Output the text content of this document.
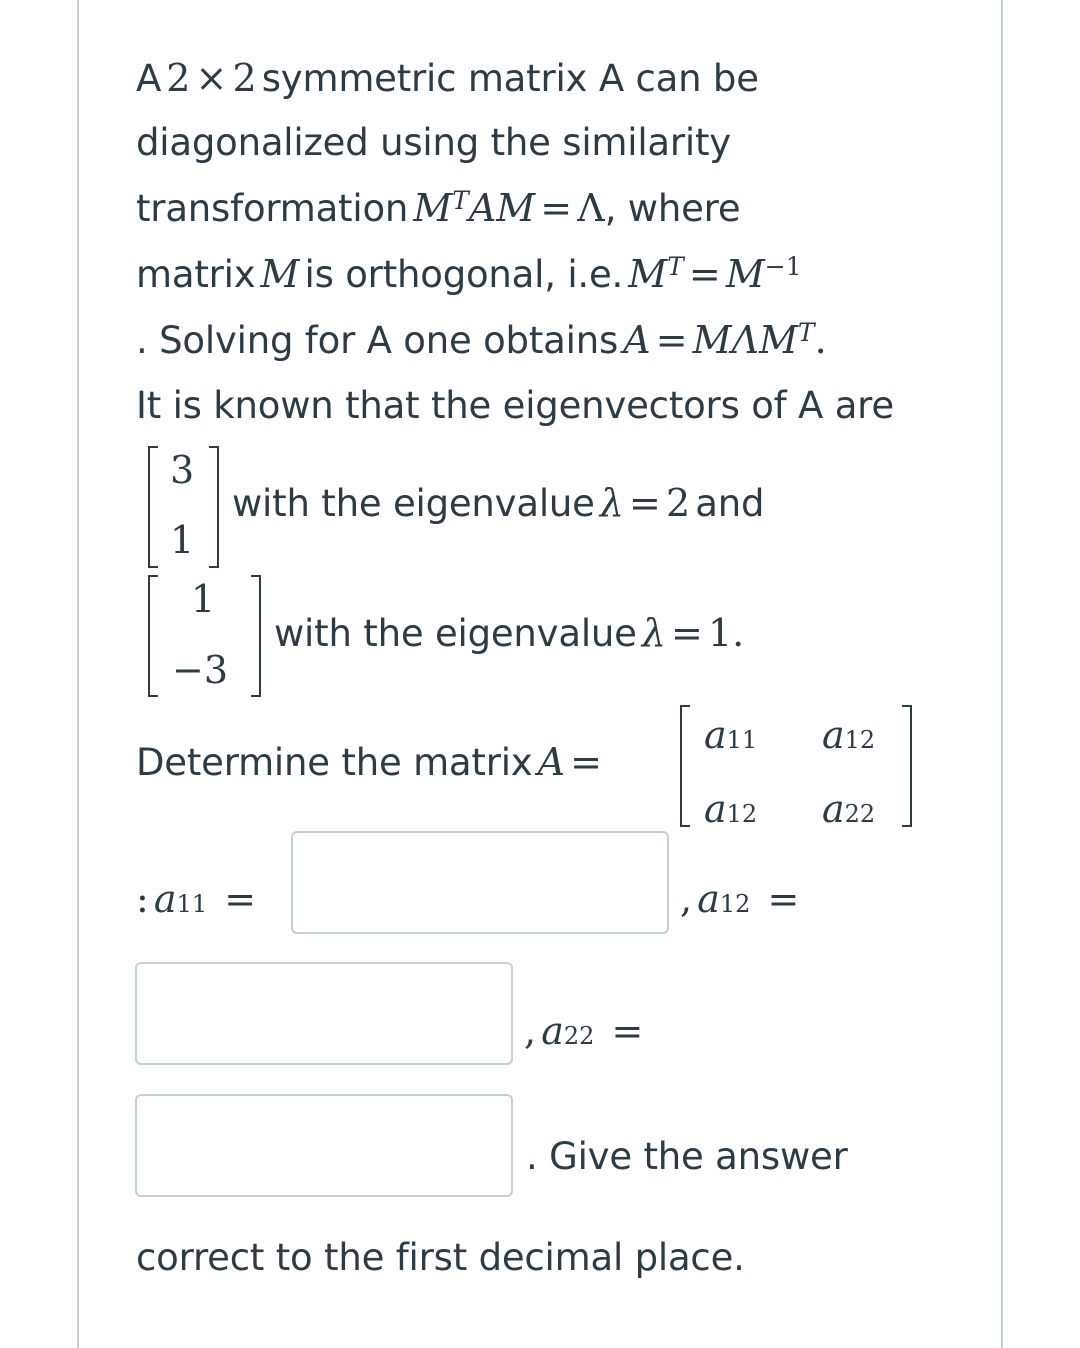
A 2 × 2 symmetric matrix A can be
diagonalized using the similarity
transformation $M^TAM = \Lambda$, where
matrix M is orthogonal, i.e. $M^T = M^{-1}$
. Solving for A one obtains $A = M\Lambda M^T$.
It is known that the eigenvectors of A are
3
1
with the eigenvalue λ = 2 and
1
−3
with the eigenvalue λ = 1.
Determine the matrix A =
a11 a12
a12 a22
: a11 =	, a12 =
, a22 =
. Give the answer
correct to the first decimal place.
